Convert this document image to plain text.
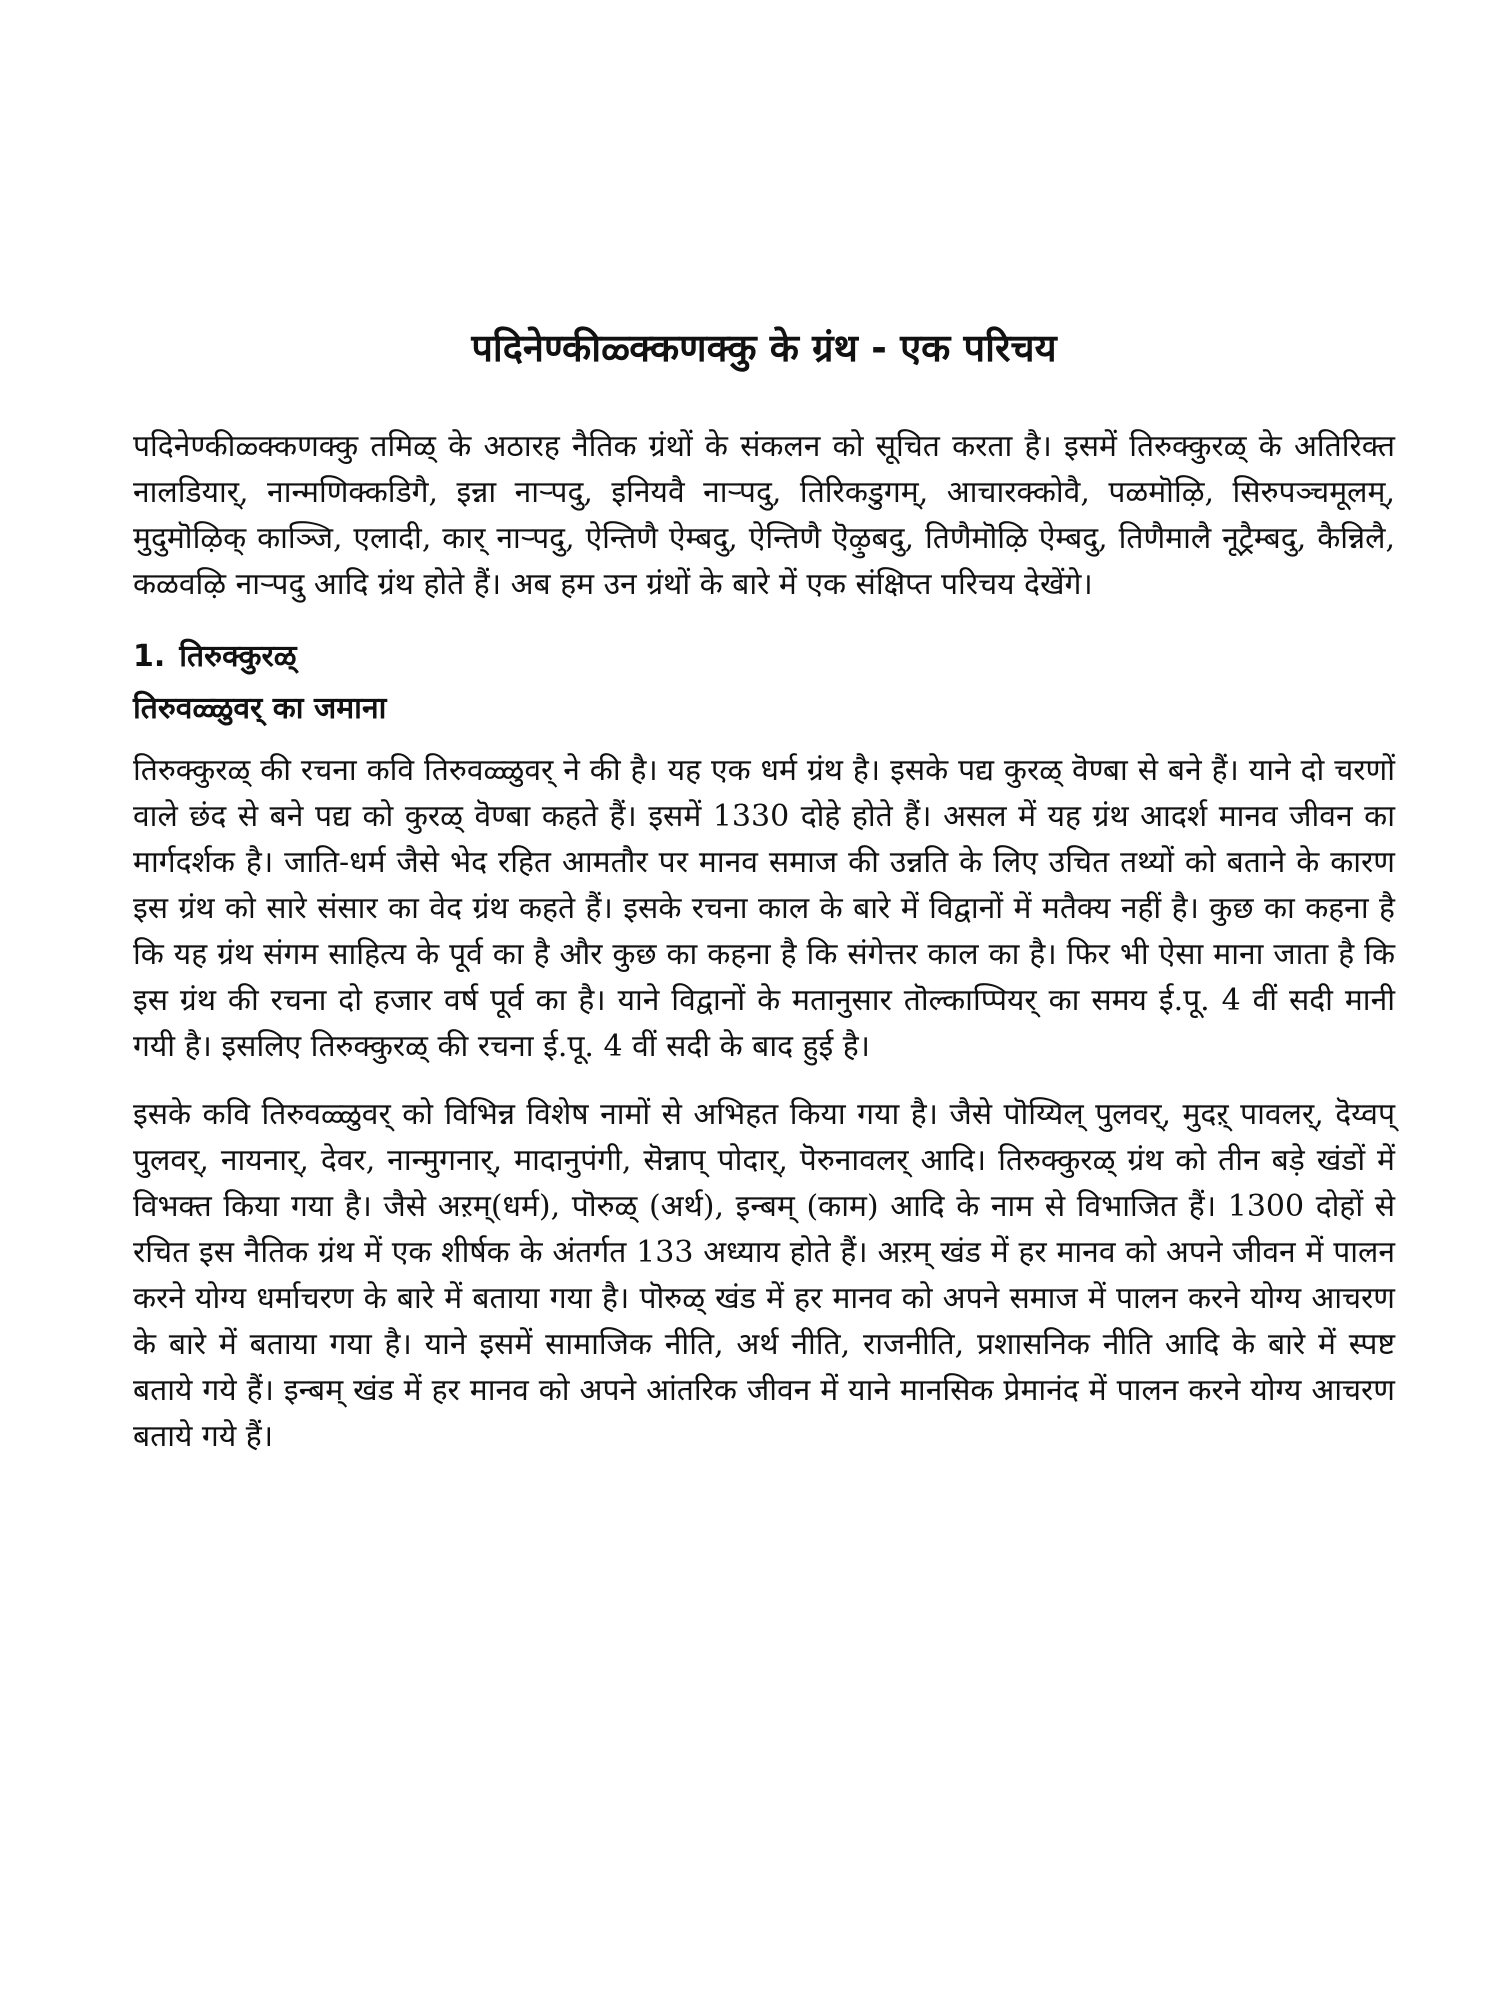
पदिनेण्कीळ्क्कणक्कु के ग्रंथ - एक परिचय

पदिनेण्कीळ्क्कणक्कु तमिळ् के अठारह नैतिक ग्रंथों के संकलन को सूचित करता है। इसमें तिरुक्कुरळ् के अतिरिक्त नालडियार्, नान्मणिक्कडिगै, इन्ना नाऱ्पदु, इनियवै नाऱ्पदु, तिरिकडुगम्, आचारक्कोवै, पळमॊऴि, सिरुपञ्चमूलम्, मुदुमॊऴिक् काञ्जि, एलादी, कार् नाऱ्पदु, ऐन्तिणै ऐम्बदु, ऐन्तिणै ऎऴुबदु, तिणैमॊऴि ऐम्बदु, तिणैमालै नूट्रैम्बदु, कैन्निलै, कळवऴि नाऱ्पदु आदि ग्रंथ होते हैं। अब हम उन ग्रंथों के बारे में एक संक्षिप्त परिचय देखेंगे।

1. तिरुक्कुरळ्
तिरुवळ्ळुवर् का जमाना

तिरुक्कुरळ् की रचना कवि तिरुवळ्ळुवर् ने की है। यह एक धर्म ग्रंथ है। इसके पद्य कुरळ् वॆण्बा से बने हैं। याने दो चरणों वाले छंद से बने पद्य को कुरळ् वॆण्बा कहते हैं। इसमें 1330 दोहे होते हैं। असल में यह ग्रंथ आदर्श मानव जीवन का मार्गदर्शक है। जाति-धर्म जैसे भेद रहित आमतौर पर मानव समाज की उन्नति के लिए उचित तथ्यों को बताने के कारण इस ग्रंथ को सारे संसार का वेद ग्रंथ कहते हैं। इसके रचना काल के बारे में विद्वानों में मतैक्य नहीं है। कुछ का कहना है कि यह ग्रंथ संगम साहित्य के पूर्व का है और कुछ का कहना है कि संगेत्तर काल का है। फिर भी ऐसा माना जाता है कि इस ग्रंथ की रचना दो हजार वर्ष पूर्व का है। याने विद्वानों के मतानुसार तॊल्काप्पियर् का समय ई.पू. 4 वीं सदी मानी गयी है। इसलिए तिरुक्कुरळ् की रचना ई.पू. 4 वीं सदी के बाद हुई है।

इसके कवि तिरुवळ्ळुवर् को विभिन्न विशेष नामों से अभिहत किया गया है। जैसे पॊय्यिल् पुलवर्, मुदऱ् पावलर्, दॆय्वप् पुलवर्, नायनार्, देवर, नान्मुगनार्, मादानुपंगी, सॆन्नाप् पोदार्, पॆरुनावलर् आदि। तिरुक्कुरळ् ग्रंथ को तीन बड़े खंडों में विभक्त किया गया है। जैसे अऱम्(धर्म), पॊरुळ् (अर्थ), इन्बम् (काम) आदि के नाम से विभाजित हैं। 1300 दोहों से रचित इस नैतिक ग्रंथ में एक शीर्षक के अंतर्गत 133 अध्याय होते हैं। अऱम् खंड में हर मानव को अपने जीवन में पालन करने योग्य धर्माचरण के बारे में बताया गया है। पॊरुळ् खंड में हर मानव को अपने समाज में पालन करने योग्य आचरण के बारे में बताया गया है। याने इसमें सामाजिक नीति, अर्थ नीति, राजनीति, प्रशासनिक नीति आदि के बारे में स्पष्ट बताये गये हैं। इन्बम् खंड में हर मानव को अपने आंतरिक जीवन में याने मानसिक प्रेमानंद में पालन करने योग्य आचरण बताये गये हैं।
